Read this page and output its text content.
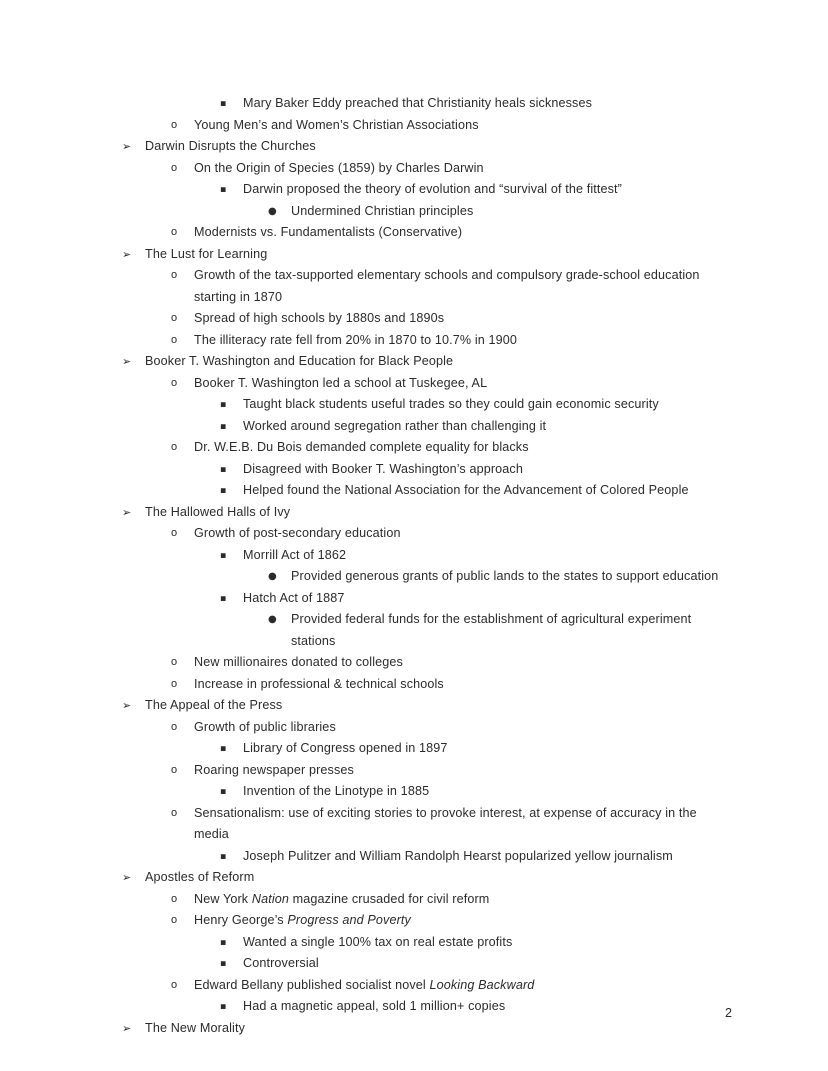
▪	Mary Baker Eddy preached that Christianity heals sicknesses
o	Young Men’s and Women’s Christian Associations
➢	Darwin Disrupts the Churches
o	On the Origin of Species (1859) by Charles Darwin
▪	Darwin proposed the theory of evolution and “survival of the fittest”
●	Undermined Christian principles
o	Modernists vs. Fundamentalists (Conservative)
➢	The Lust for Learning
o	Growth of the tax-supported elementary schools and compulsory grade-school education starting in 1870
o	Spread of high schools by 1880s and 1890s
o	The illiteracy rate fell from 20% in 1870 to 10.7% in 1900
➢	Booker T. Washington and Education for Black People
o	Booker T. Washington led a school at Tuskegee, AL
▪	Taught black students useful trades so they could gain economic security
▪	Worked around segregation rather than challenging it
o	Dr. W.E.B. Du Bois demanded complete equality for blacks
▪	Disagreed with Booker T. Washington’s approach
▪	Helped found the National Association for the Advancement of Colored People
➢	The Hallowed Halls of Ivy
o	Growth of post-secondary education
▪	Morrill Act of 1862
●	Provided generous grants of public lands to the states to support education
▪	Hatch Act of 1887
●	Provided federal funds for the establishment of agricultural experiment stations
o	New millionaires donated to colleges
o	Increase in professional & technical schools
➢	The Appeal of the Press
o	Growth of public libraries
▪	Library of Congress opened in 1897
o	Roaring newspaper presses
▪	Invention of the Linotype in 1885
o	Sensationalism: use of exciting stories to provoke interest, at expense of accuracy in the media
▪	Joseph Pulitzer and William Randolph Hearst popularized yellow journalism
➢	Apostles of Reform
o	New York Nation magazine crusaded for civil reform
o	Henry George’s Progress and Poverty
▪	Wanted a single 100% tax on real estate profits
▪	Controversial
o	Edward Bellany published socialist novel Looking Backward
▪	Had a magnetic appeal, sold 1 million+ copies
➢	The New Morality
2
